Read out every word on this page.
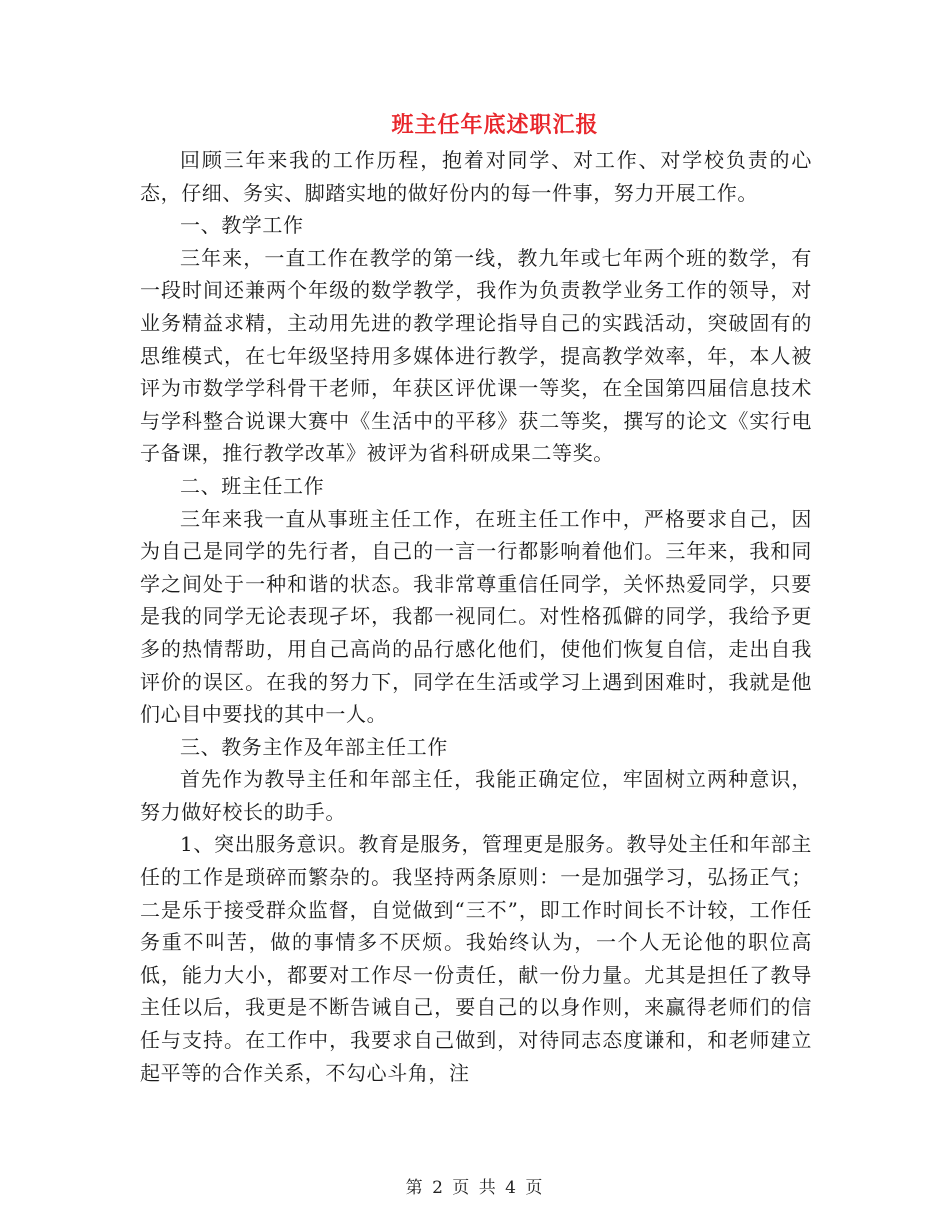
班主任年底述职汇报

回顾三年来我的工作历程，抱着对同学、对工作、对学校负责的心态，仔细、务实、脚踏实地的做好份内的每一件事，努力开展工作。

一、教学工作

三年来，一直工作在教学的第一线，教九年或七年两个班的数学，有一段时间还兼两个年级的数学教学，我作为负责教学业务工作的领导，对业务精益求精，主动用先进的教学理论指导自己的实践活动，突破固有的思维模式，在七年级坚持用多媒体进行教学，提高教学效率，年，本人被评为市数学学科骨干老师，年获区评优课一等奖，在全国第四届信息技术与学科整合说课大赛中《生活中的平移》获二等奖，撰写的论文《实行电子备课，推行教学改革》被评为省科研成果二等奖。

二、班主任工作

三年来我一直从事班主任工作，在班主任工作中，严格要求自己，因为自己是同学的先行者，自己的一言一行都影响着他们。三年来，我和同学之间处于一种和谐的状态。我非常尊重信任同学，关怀热爱同学，只要是我的同学无论表现孑坏，我都一视同仁。对性格孤僻的同学，我给予更多的热情帮助，用自己高尚的品行感化他们，使他们恢复自信，走出自我评价的误区。在我的努力下，同学在生活或学习上遇到困难时，我就是他们心目中要找的其中一人。

三、教务主作及年部主任工作

首先作为教导主任和年部主任，我能正确定位，牢固树立两种意识，努力做好校长的助手。

1、突出服务意识。教育是服务，管理更是服务。教导处主任和年部主任的工作是琐碎而繁杂的。我坚持两条原则：一是加强学习，弘扬正气；二是乐于接受群众监督，自觉做到“三不”，即工作时间长不计较，工作任务重不叫苦，做的事情多不厌烦。我始终认为，一个人无论他的职位高低，能力大小，都要对工作尽一份责任，献一份力量。尤其是担任了教导主任以后，我更是不断告诫自己，要自己的以身作则，来赢得老师们的信任与支持。在工作中，我要求自己做到，对待同志态度谦和，和老师建立起平等的合作关系，不勾心斗角，注

第 2 页 共 4 页
